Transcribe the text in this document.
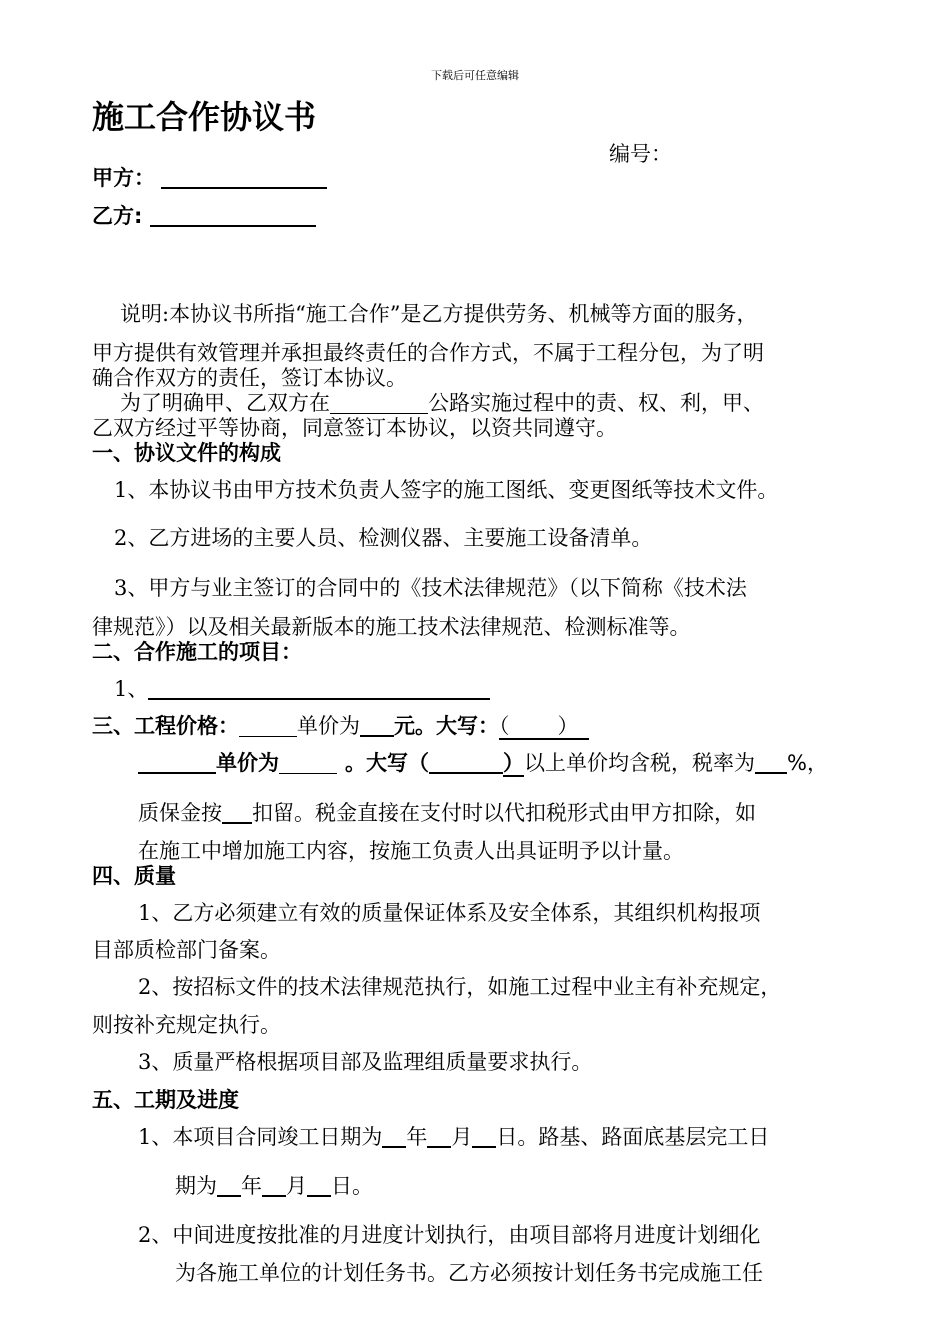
下载后可任意编辑
施工合作协议书
编号：
甲方：
乙方:
说明:本协议书所指“施工合作”是乙方提供劳务、机械等方面的服务，
甲方提供有效管理并承担最终责任的合作方式，不属于工程分包，为了明
确合作双方的责任，签订本协议。
为了明确甲、乙双方在	公路实施过程中的责、权、利，甲、
乙双方经过平等协商，同意签订本协议，以资共同遵守。
一、协议文件的构成
1、本协议书由甲方技术负责人签字的施工图纸、变更图纸等技术文件。
2、乙方进场的主要人员、检测仪器、主要施工设备清单。
3、甲方与业主签订的合同中的《技术法律规范》（以下简称《技术法
律规范》）以及相关最新版本的施工技术法律规范、检测标准等。
二、合作施工的项目：
1、
三、工程价格：	单价为 元。大写：（ ）
单价为	。大写（	）以上单价均含税，税率为 %，
质保金按 扣留。税金直接在支付时以代扣税形式由甲方扣除，如
在施工中增加施工内容，按施工负责人出具证明予以计量。
四、质量
1、乙方必须建立有效的质量保证体系及安全体系，其组织机构报项
目部质检部门备案。
2、按招标文件的技术法律规范执行，如施工过程中业主有补充规定，
则按补充规定执行。
3、质量严格根据项目部及监理组质量要求执行。
五、工期及进度
1、本项目合同竣工日期为 年 月 日。路基、路面底基层完工日
期为 年 月 日。
2、中间进度按批准的月进度计划执行，由项目部将月进度计划细化
为各施工单位的计划任务书。乙方必须按计划任务书完成施工任
